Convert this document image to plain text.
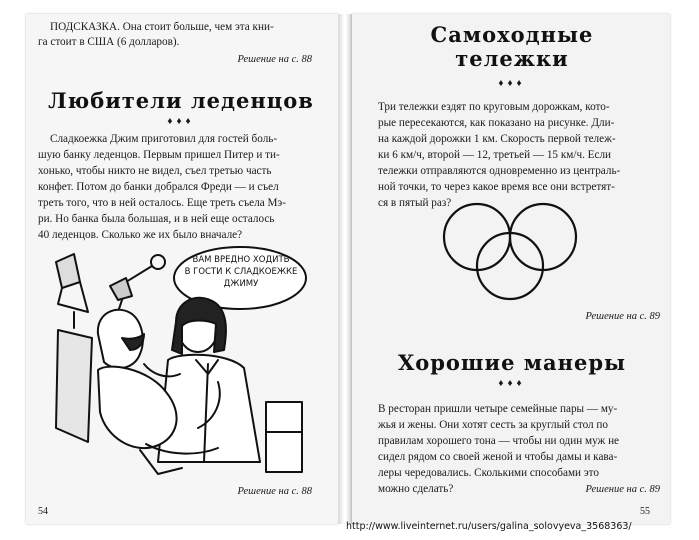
ПОДСКАЗКА. Она стоит больше, чем эта кни-

га стоит в США (6 долларов).

Решение на с. 88

Любители леденцов

♦♦♦

Сладкоежка Джим приготовил для гостей боль-

шую банку леденцов. Первым пришел Питер и ти-

хонько, чтобы никто не видел, съел третью часть

конфет. Потом до банки добрался Фреди — и съел

треть того, что в ней осталось. Еще треть съела Мэ-

ри. Но банка была большая, и в ней еще осталось

40 леденцов. Сколько же их было вначале?

ВАМ ВРЕДНО ХОДИТЬ
В ГОСТИ К СЛАДКОЕЖКЕ
ДЖИМУ

Решение на с. 88

54

Самоходные
тележки

♦♦♦

Три тележки ездят по круговым дорожкам, кото-

рые пересекаются, как показано на рисунке. Дли-

на каждой дорожки 1 км. Скорость первой тележ-

ки 6 км/ч, второй — 12, третьей — 15 км/ч. Если

тележки отправляются одновременно из централь-

ной точки, то через какое время все они встретят-

ся в пятый раз?

Решение на с. 89

Хорошие манеры

♦♦♦

В ресторан пришли четыре семейные пары — му-

жья и жены. Они хотят сесть за круглый стол по

правилам хорошего тона — чтобы ни один муж не

сидел рядом со своей женой и чтобы дамы и кава-

леры чередовались. Сколькими способами это

можно сделать?	Решение на с. 89

55

http://www.liveinternet.ru/users/galina_solovyeva_3568363/
